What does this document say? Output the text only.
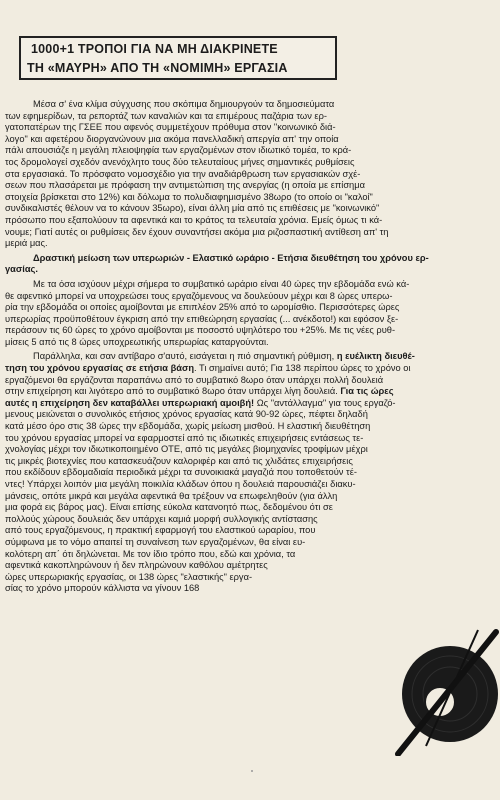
1000+1 ΤΡΟΠΟΙ ΓΙΑ ΝΑ ΜΗ ΔΙΑΚΡΙΝΕΤΕ
ΤΗ «ΜΑΥΡΗ» ΑΠΟ ΤΗ «ΝΟΜΙΜΗ» ΕΡΓΑΣΙΑ

Μέσα σ' ένα κλίμα σύγχυσης που σκόπιμα δημιουργούν τα δημοσιεύματα

των εφημερίδων, τα ρεπορτάζ των καναλιών και τα επιμέρους παζάρια των ερ-

γατοπατέρων της ΓΣΕΕ που αφενός συμμετέχουν πρόθυμα στον "κοινωνικό διά-

λογο" και αφετέρου διοργανώνουν μια ακόμα πανελλαδική απεργία απ' την οποία

πάλι απουσιάζε η μεγάλη πλειοψηφία των εργαζομένων στον ιδιωτικό τομέα, το κρά-

τος δρομολογεί σχεδόν ανενόχλητο τους δύο τελευταίους μήνες σημαντικές ρυθμίσεις

στα εργασιακά. Το πρόσφατο νομοσχέδιο για την αναδιάρθρωση των εργασιακών σχέ-

σεων που πλασάρεται με πρόφαση την αντιμετώπιση της ανεργίας (η οποία με επίσημα

στοιχεία βρίσκεται στο 12%) και δόλωμα το πολυδιαφημισμένο 38ωρο (το οποίο οι "καλοί"

συνδικαλιστές θέλουν να το κάνουν 35ωρο), είναι άλλη μία από τις επιθέσεις με "κοινωνικό"

πρόσωπο που εξαπολύουν τα αφεντικά και το κράτος τα τελευταία χρόνια. Εμείς όμως τι κά-

νουμε; Γιατί αυτές οι ρυθμίσεις δεν έχουν συναντήσει ακόμα μια ριζοσπαστική αντίθεση απ' τη

μεριά μας.

Δραστική μείωση των υπερωριών - Ελαστικό ωράριο - Ετήσια διευθέτηση του χρόνου ερ-

γασίας.

Με τα όσα ισχύουν μέχρι σήμερα το συμβατικό ωράριο είναι 40 ώρες την εβδομάδα ενώ κά-

θε αφεντικό μπορεί να υποχρεώσει τους εργαζόμενους να δουλεύουν μέχρι και 8 ώρες υπερω-

ρία την εβδομάδα οι οποίες αμοίβονται με επιπλέον 25% από το ωρομίσθιο. Περισσότερες ώρες

υπερωρίας προϋποθέτουν έγκριση από την επιθεώρηση εργασίας (... ανέκδοτο!) και εφόσον ξε-

περάσουν τις 60 ώρες το χρόνο αμοίβονται με ποσοστό υψηλότερο του +25%. Με τις νέες ρυθ-

μίσεις 5 από τις 8 ώρες υποχρεωτικής υπερωρίας καταργούνται.

Παράλληλα, και σαν αντίβαρο σ'αυτό, εισάγεται η πιό σημαντική ρύθμιση, η ευέλικτη διευθέ-

τηση του χρόνου εργασίας σε ετήσια βάση. Τι σημαίνει αυτό; Για 138 περίπου ώρες το χρόνο οι

εργαζόμενοι θα εργάζονται παραπάνω από το συμβατικό 8ωρο όταν υπάρχει πολλή δουλειά

στην επιχείρηση και λιγότερο από το συμβατικό 8ωρο όταν υπάρχει λίγη δουλειά. Για τις ώρες

αυτές η επιχείρηση δεν καταβάλλει υπερωριακή αμοιβή! Ως "αντάλλαγμα" για τους εργαζό-

μενους μειώνεται ο συνολικός ετήσιος χρόνος εργασίας κατά 90-92 ώρες, πέφτει δηλαδή

κατά μέσο όρο στις 38 ώρες την εβδομάδα, χωρίς μείωση μισθού. Η ελαστική διευθέτηση

του χρόνου εργασίας μπορεί να εφαρμοστεί από τις ιδιωτικές επιχειρήσεις εντάσεως τε-

χνολογίας μέχρι τον ιδιωτικοποιημένο ΟΤΕ, από τις μεγάλες βιομηχανίες τροφίμων μέχρι

τις μικρές βιοτεχνίες που κατασκευάζουν καλοριφέρ και από τις χλιδάτες επιχειρήσεις

που εκδίδουν εβδομαδιαία περιοδικά μέχρι τα συνοικιακά μαγαζιά που τοποθετούν τέ-

ντες! Υπάρχει λοιπόν μια μεγάλη ποικιλία κλάδων όπου η δουλειά παρουσιάζει διακυ-

μάνσεις, οπότε μικρά και μεγάλα αφεντικά θα τρέξουν να επωφεληθούν (για άλλη

μια φορά εις βάρος μας). Είναι επίσης εύκολα κατανοητό πως, δεδομένου ότι σε

πολλούς χώρους δουλειάς δεν υπάρχει καμιά μορφή συλλογικής αντίστασης

από τους εργαζόμενους, η πρακτική εφαρμογή του ελαστικού ωραρίου, που

σύμφωνα με το νόμο απαιτεί τη συναίνεση των εργαζομένων, θα είναι ευ-

κολότερη απ΄ ότι δηλώνεται. Με τον ίδιο τρόπο που, εδώ και χρόνια, τα

αφεντικά κακοπληρώνουν ή δεν πληρώνουν καθόλου αμέτρητες

ώρες υπερωριακής εργασίας, οι 138 ώρες "ελαστικής" εργα-

σίας το χρόνο μπορούν κάλλιστα να γίνουν 168
